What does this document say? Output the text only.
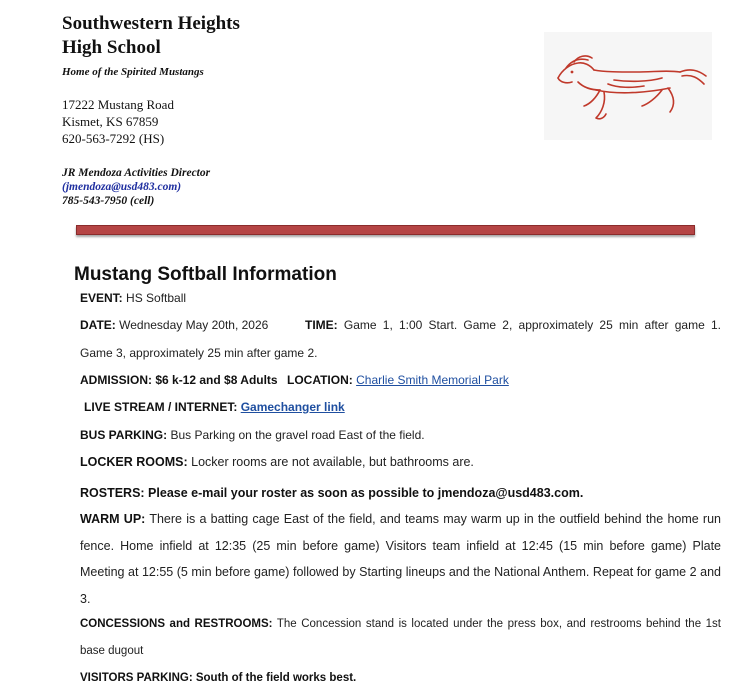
Southwestern Heights
High School
Home of the Spirited Mustangs
17222 Mustang Road
Kismet, KS 67859
620-563-7292 (HS)
JR Mendoza Activities Director
(jmendoza@usd483.com)
785-543-7950 (cell)
Mustang Softball Information
EVENT: HS Softball
DATE: Wednesday May 20th, 2026	TIME: Game 1, 1:00 Start. Game 2, approximately 25 min after game 1.
Game 3, approximately 25 min after game 2.
ADMISSION: $6 k-12 and $8 Adults LOCATION: Charlie Smith Memorial Park
LIVE STREAM / INTERNET: Gamechanger link
BUS PARKING: Bus Parking on the gravel road East of the field.
LOCKER ROOMS: Locker rooms are not available, but bathrooms are.
ROSTERS: Please e-mail your roster as soon as possible to jmendoza@usd483.com.
WARM UP: There is a batting cage East of the field, and teams may warm up in the outfield behind the home run fence. Home infield at 12:35 (25 min before game) Visitors team infield at 12:45 (15 min before game) Plate Meeting at 12:55 (5 min before game) followed by Starting lineups and the National Anthem. Repeat for game 2 and 3.
CONCESSIONS and RESTROOMS: The Concession stand is located under the press box, and restrooms behind the 1st base dugout
VISITORS PARKING: South of the field works best.
